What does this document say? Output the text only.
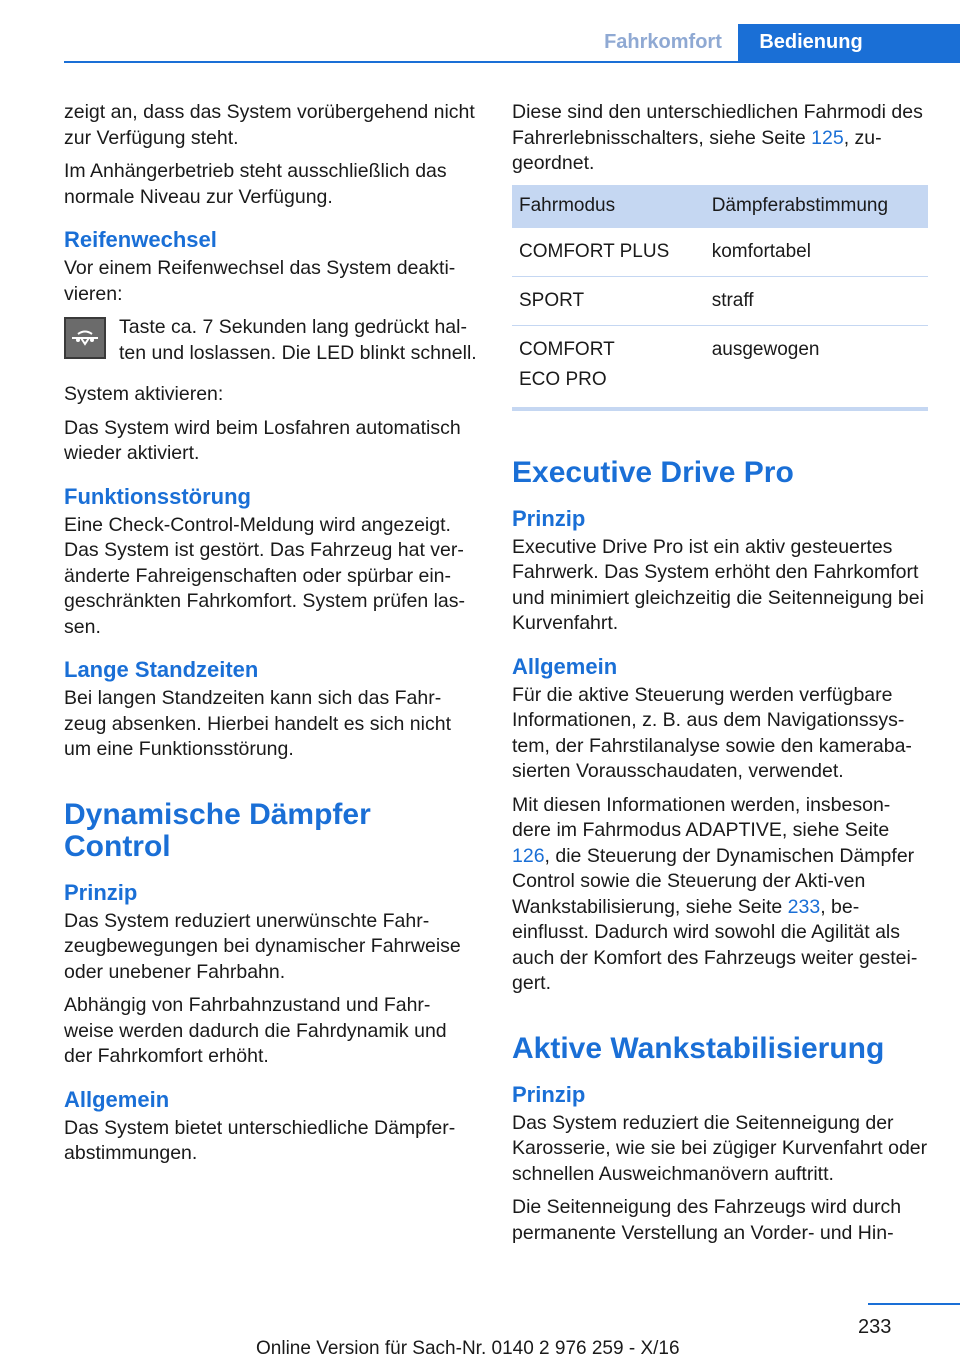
Fahrkomfort	Bedienung

zeigt an, dass das System vorübergehend nicht zur Verfügung steht.

Im Anhängerbetrieb steht ausschließlich das normale Niveau zur Verfügung.

Reifenwechsel

Vor einem Reifenwechsel das System deakti‐vieren:

Taste ca. 7 Sekunden lang gedrückt hal‐ten und loslassen. Die LED blinkt schnell.

System aktivieren:

Das System wird beim Losfahren automatisch wieder aktiviert.

Funktionsstörung

Eine Check-Control-Meldung wird angezeigt. Das System ist gestört. Das Fahrzeug hat ver‐änderte Fahreigenschaften oder spürbar ein‐geschränkten Fahrkomfort. System prüfen las‐sen.

Lange Standzeiten

Bei langen Standzeiten kann sich das Fahr‐zeug absenken. Hierbei handelt es sich nicht um eine Funktionsstörung.

Dynamische Dämpfer Control
Prinzip

Das System reduziert unerwünschte Fahr‐zeugbewegungen bei dynamischer Fahrweise oder unebener Fahrbahn.

Abhängig von Fahrbahnzustand und Fahr‐weise werden dadurch die Fahrdynamik und der Fahrkomfort erhöht.

Allgemein

Das System bietet unterschiedliche Dämpfer‐abstimmungen.

Diese sind den unterschiedlichen Fahrmodi des Fahrerlebnisschalters, siehe Seite 125, zu‐geordnet.

Fahrmodus	Dämpferabstimmung
COMFORT PLUS	komfortabel
SPORT	straff

COMFORT
ECO PRO	ausgewogen
Executive Drive Pro
Prinzip

Executive Drive Pro ist ein aktiv gesteuertes Fahrwerk. Das System erhöht den Fahrkomfort und minimiert gleichzeitig die Seitenneigung bei Kurvenfahrt.

Allgemein

Für die aktive Steuerung werden verfügbare Informationen, z. B. aus dem Navigationssys‐tem, der Fahrstilanalyse sowie den kameraba‐sierten Vorausschaudaten, verwendet.

Mit diesen Informationen werden, insbeson‐dere im Fahrmodus ADAPTIVE, siehe Seite 126, die Steuerung der Dynamischen Dämpfer Control sowie die Steuerung der Akti‐ven Wankstabilisierung, siehe Seite 233, be‐einflusst. Dadurch wird sowohl die Agilität als auch der Komfort des Fahrzeugs weiter gestei‐gert.

Aktive Wankstabilisierung
Prinzip

Das System reduziert die Seitenneigung der Karosserie, wie sie bei zügiger Kurvenfahrt oder schnellen Ausweichmanövern auftritt.

Die Seitenneigung des Fahrzeugs wird durch permanente Verstellung an Vorder- und Hin‐

233
Online Version für Sach-Nr. 0140 2 976 259 - X/16
